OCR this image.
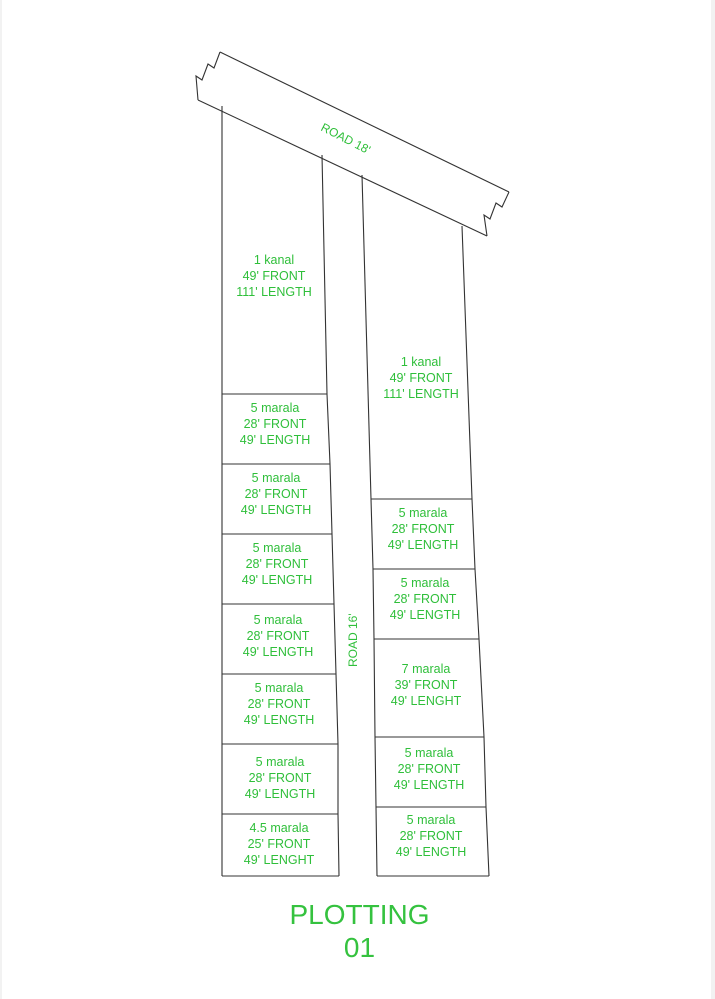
ROAD 18'
ROAD 16'
1 kanal 49' FRONT 111' LENGTH
5 marala 28' FRONT 49' LENGTH
5 marala 28' FRONT 49' LENGTH
5 marala 28' FRONT 49' LENGTH
5 marala 28' FRONT 49' LENGTH
5 marala 28' FRONT 49' LENGTH
5 marala 28' FRONT 49' LENGTH
4.5 marala 25' FRONT 49' LENGHT
1 kanal 49' FRONT 111' LENGTH
5 marala 28' FRONT 49' LENGTH
5 marala 28' FRONT 49' LENGTH
7 marala 39' FRONT 49' LENGHT
5 marala 28' FRONT 49' LENGTH
5 marala 28' FRONT 49' LENGTH
PLOTTING
01
